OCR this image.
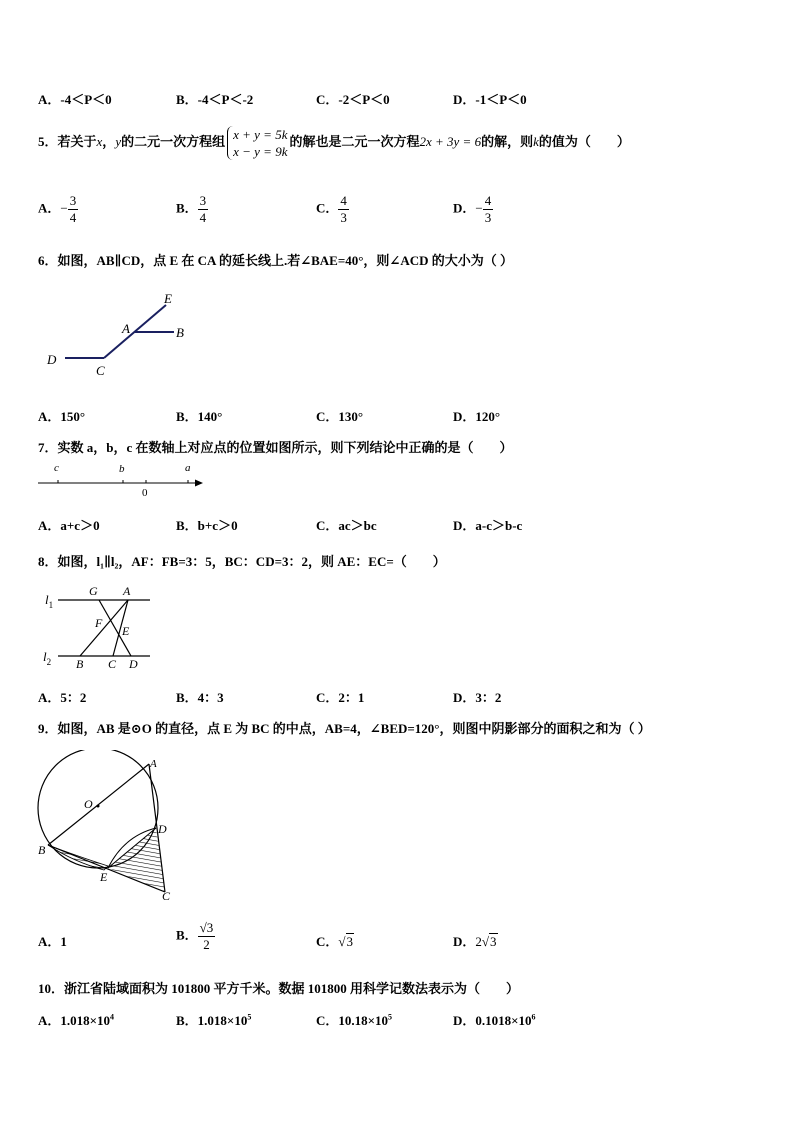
A．-4＜P＜0	B．-4＜P＜-2	C．-2＜P＜0	D．-1＜P＜0
5．若关于x，y的二元一次方程组 x + y = 5k
x − y = 9k
的解也是二元一次方程2x + 3y = 6的解，则k的值为（　　）
A．− $\frac{3}{4}$	B． $\frac{3}{4}$	C． $\frac{4}{3}$	D．− $\frac{4}{3}$
6．如图，AB∥CD，点 E 在 CA 的延长线上.若∠BAE=40°，则∠ACD 的大小为（ ）
E
A	B
D
C
A．150°	B．140°	C．130°	D．120°
7．实数 a，b，c 在数轴上对应点的位置如图所示，则下列结论中正确的是（　　）
c	b	a
0
A．a+c＞0	B．b+c＞0	C．ac＞bc	D．a-c＞b-c
8．如图，l₁∥l₂，AF：FB=3：5，BC：CD=3：2，则 AE：EC=（　　）
$l_1$
$l_2$
G A
F
E
B C D
A．5：2	B．4：3	C．2：1	D．3：2
9．如图，AB 是⊙O 的直径，点 E 为 BC 的中点，AB=4，∠BED=120°，则图中阴影部分的面积之和为（ ）
A
O
D
B
E
C
A．1	B． $\frac{√3}{2}$	C．√3	D．2√3
10．浙江省陆域面积为 101800 平方千米。数据 101800 用科学记数法表示为（　　）
A．$1.018\times 10^4$	B．$1.018\times 10^5$	C．$10.18\times 10^5$	D．$0.1018\times 10^6$
